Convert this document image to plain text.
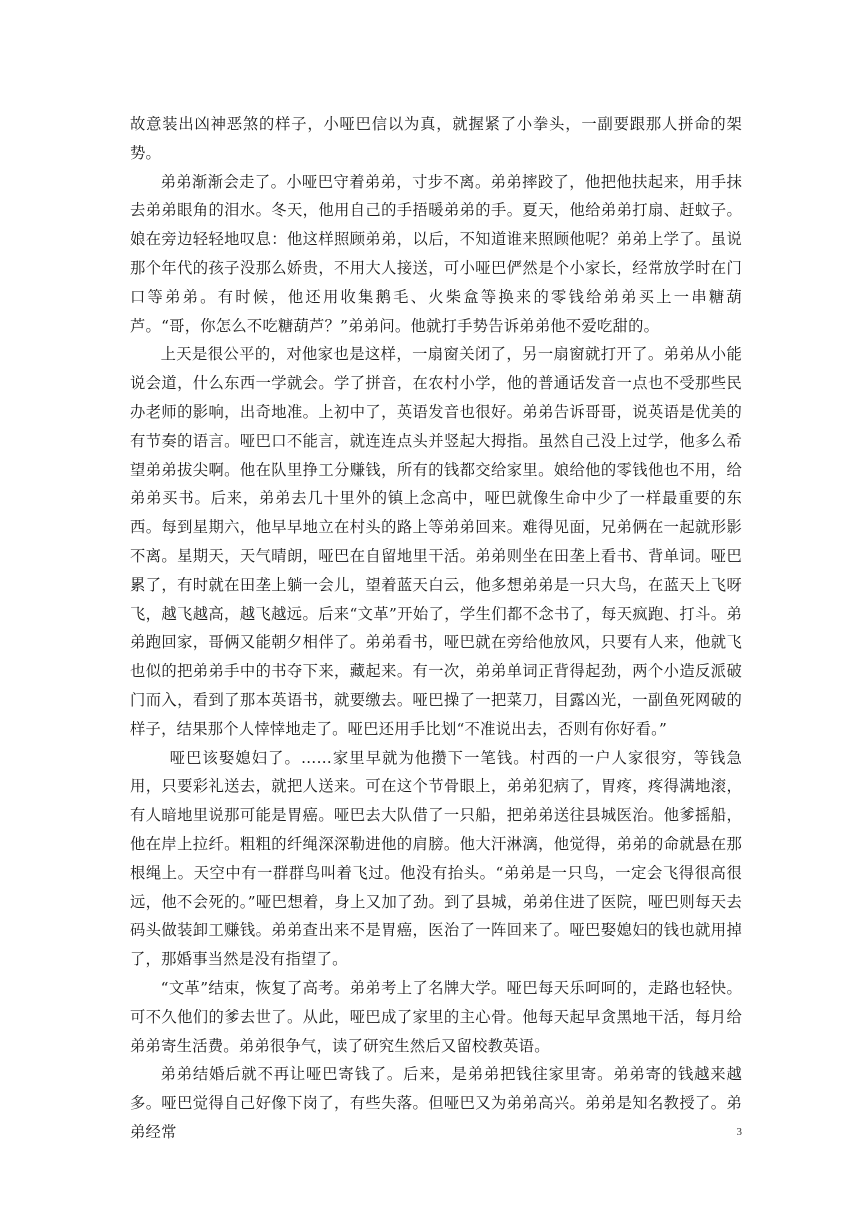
故意装出凶神恶煞的样子，小哑巴信以为真，就握紧了小拳头，一副要跟那人拼命的架势。

弟弟渐渐会走了。小哑巴守着弟弟，寸步不离。弟弟摔跤了，他把他扶起来，用手抹去弟弟眼角的泪水。冬天，他用自己的手捂暖弟弟的手。夏天，他给弟弟打扇、赶蚊子。娘在旁边轻轻地叹息：他这样照顾弟弟，以后，不知道谁来照顾他呢？弟弟上学了。虽说那个年代的孩子没那么娇贵，不用大人接送，可小哑巴俨然是个小家长，经常放学时在门口等弟弟。有时候，他还用收集鹅毛、火柴盒等换来的零钱给弟弟买上一串糖葫芦。“哥，你怎么不吃糖葫芦？”弟弟问。他就打手势告诉弟弟他不爱吃甜的。

上天是很公平的，对他家也是这样，一扇窗关闭了，另一扇窗就打开了。弟弟从小能说会道，什么东西一学就会。学了拼音，在农村小学，他的普通话发音一点也不受那些民办老师的影响，出奇地准。上初中了，英语发音也很好。弟弟告诉哥哥，说英语是优美的有节奏的语言。哑巴口不能言，就连连点头并竖起大拇指。虽然自己没上过学，他多么希望弟弟拔尖啊。他在队里挣工分赚钱，所有的钱都交给家里。娘给他的零钱他也不用，给弟弟买书。后来，弟弟去几十里外的镇上念高中，哑巴就像生命中少了一样最重要的东西。每到星期六，他早早地立在村头的路上等弟弟回来。难得见面，兄弟俩在一起就形影不离。星期天，天气晴朗，哑巴在自留地里干活。弟弟则坐在田垄上看书、背单词。哑巴累了，有时就在田垄上躺一会儿，望着蓝天白云，他多想弟弟是一只大鸟，在蓝天上飞呀飞，越飞越高，越飞越远。后来“文革”开始了，学生们都不念书了，每天疯跑、打斗。弟弟跑回家，哥俩又能朝夕相伴了。弟弟看书，哑巴就在旁给他放风，只要有人来，他就飞也似的把弟弟手中的书夺下来，藏起来。有一次，弟弟单词正背得起劲，两个小造反派破门而入，看到了那本英语书，就要缴去。哑巴操了一把菜刀，目露凶光，一副鱼死网破的样子，结果那个人悻悻地走了。哑巴还用手比划“不准说出去，否则有你好看。”

哑巴该娶媳妇了。……家里早就为他攒下一笔钱。村西的一户人家很穷，等钱急用，只要彩礼送去，就把人送来。可在这个节骨眼上，弟弟犯病了，胃疼，疼得满地滚，有人暗地里说那可能是胃癌。哑巴去大队借了一只船，把弟弟送往县城医治。他爹摇船，他在岸上拉纤。粗粗的纤绳深深勒进他的肩膀。他大汗淋漓，他觉得，弟弟的命就悬在那根绳上。天空中有一群群鸟叫着飞过。他没有抬头。“弟弟是一只鸟，一定会飞得很高很远，他不会死的。”哑巴想着，身上又加了劲。到了县城，弟弟住进了医院，哑巴则每天去码头做装卸工赚钱。弟弟查出来不是胃癌，医治了一阵回来了。哑巴娶媳妇的钱也就用掉了，那婚事当然是没有指望了。

“文革”结束，恢复了高考。弟弟考上了名牌大学。哑巴每天乐呵呵的，走路也轻快。可不久他们的爹去世了。从此，哑巴成了家里的主心骨。他每天起早贪黑地干活，每月给弟弟寄生活费。弟弟很争气，读了研究生然后又留校教英语。

弟弟结婚后就不再让哑巴寄钱了。后来，是弟弟把钱往家里寄。弟弟寄的钱越来越多。哑巴觉得自己好像下岗了，有些失落。但哑巴又为弟弟高兴。弟弟是知名教授了。弟弟经常	3
